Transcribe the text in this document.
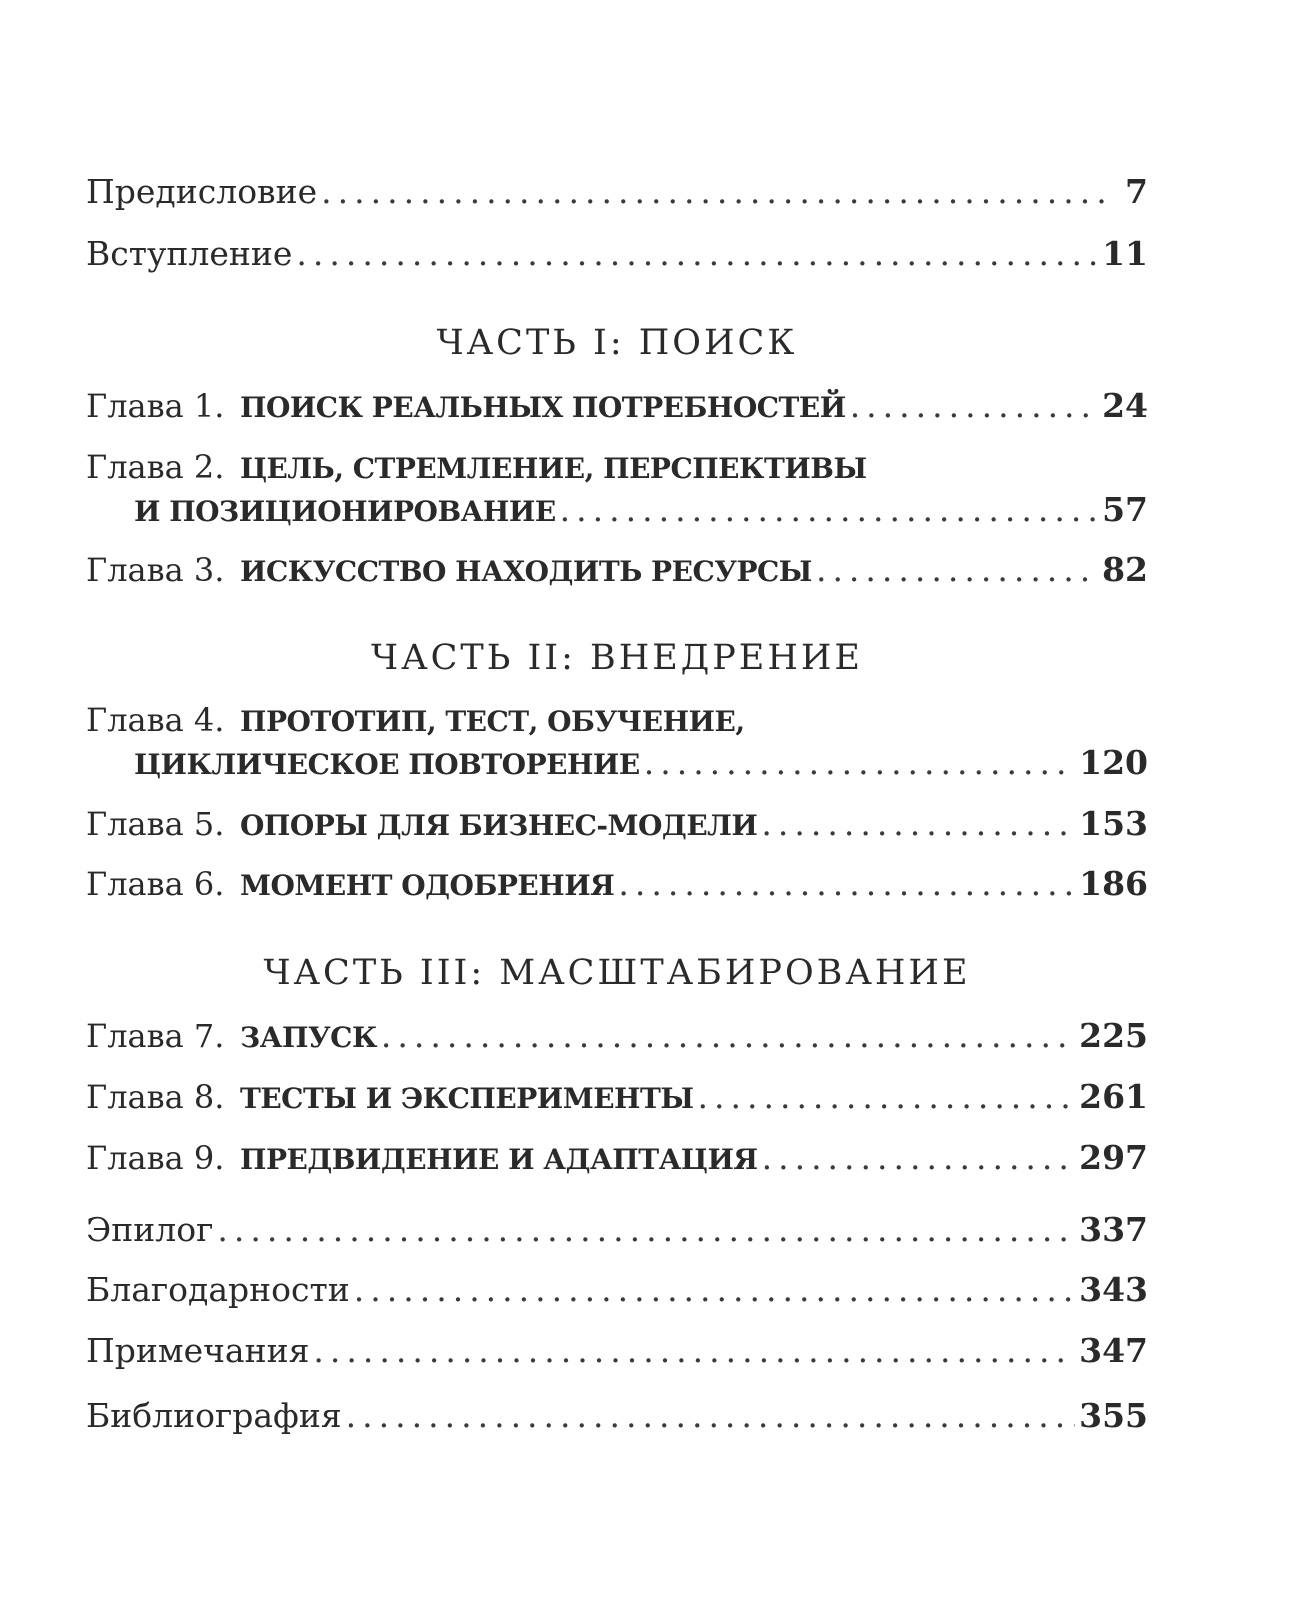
Предисловие .....	7
Вступление .....	11
ЧАСТЬ I: ПОИСК
Глава 1. ПОИСК РЕАЛЬНЫХ ПОТРЕБНОСТЕЙ .....	24
Глава 2. ЦЕЛЬ, СТРЕМЛЕНИЕ, ПЕРСПЕКТИВЫ
И ПОЗИЦИОНИРОВАНИЕ .....	57
Глава 3. ИСКУССТВО НАХОДИТЬ РЕСУРСЫ .....	82
ЧАСТЬ II: ВНЕДРЕНИЕ
Глава 4. ПРОТОТИП, ТЕСТ, ОБУЧЕНИЕ,
ЦИКЛИЧЕСКОЕ ПОВТОРЕНИЕ .....	120
Глава 5. ОПОРЫ ДЛЯ БИЗНЕС-МОДЕЛИ .....	153
Глава 6. МОМЕНТ ОДОБРЕНИЯ .....	186
ЧАСТЬ III: МАСШТАБИРОВАНИЕ
Глава 7. ЗАПУСК .....	225
Глава 8. ТЕСТЫ И ЭКСПЕРИМЕНТЫ .....	261
Глава 9. ПРЕДВИДЕНИЕ И АДАПТАЦИЯ .....	297
Эпилог .....	337
Благодарности .....	343
Примечания .....	347
Библиография .....	355
